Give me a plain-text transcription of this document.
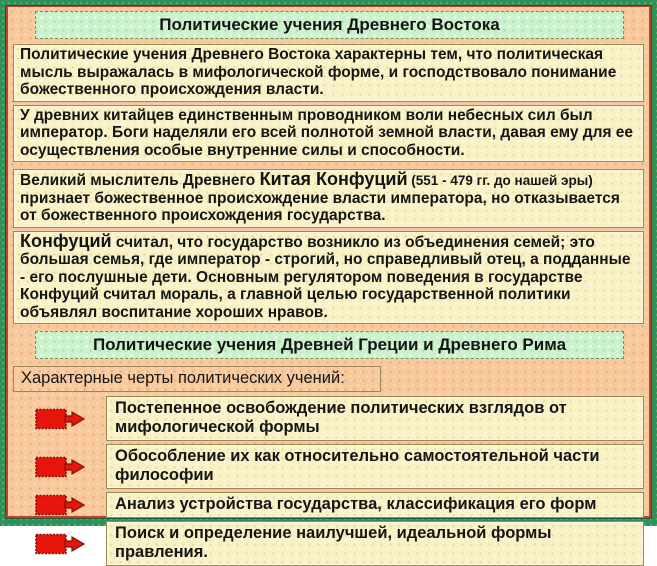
Политические учения Древнего Востока
Политические учения Древнего Востока характерны тем, что политическая мысль выражалась в мифологической форме, и господствовало понимание божественного происхождения власти.
У древних китайцев единственным проводником воли небесных сил был император. Боги наделяли его всей полнотой земной власти, давая ему для ее осуществления особые внутренние силы и способности.
Великий мыслитель Древнего Китая Конфуций (551 - 479 гг. до нашей эры) признает божественное происхождение власти императора, но отказывается от божественного происхождения государства.
Конфуций считал, что государство возникло из объединения семей; это большая семья, где император - строгий, но справедливый отец, а подданные - его послушные дети. Основным регулятором поведения в государстве Конфуций считал мораль, а главной целью государственной политики объявлял воспитание хороших нравов.
Политические учения Древней Греции и Древнего Рима
Характерные черты политических учений:
Постепенное освобождение политических взглядов от мифологической формы
Обособление их как относительно самостоятельной части философии
Анализ устройства государства, классификация его форм
Поиск и определение наилучшей, идеальной формы правления.
